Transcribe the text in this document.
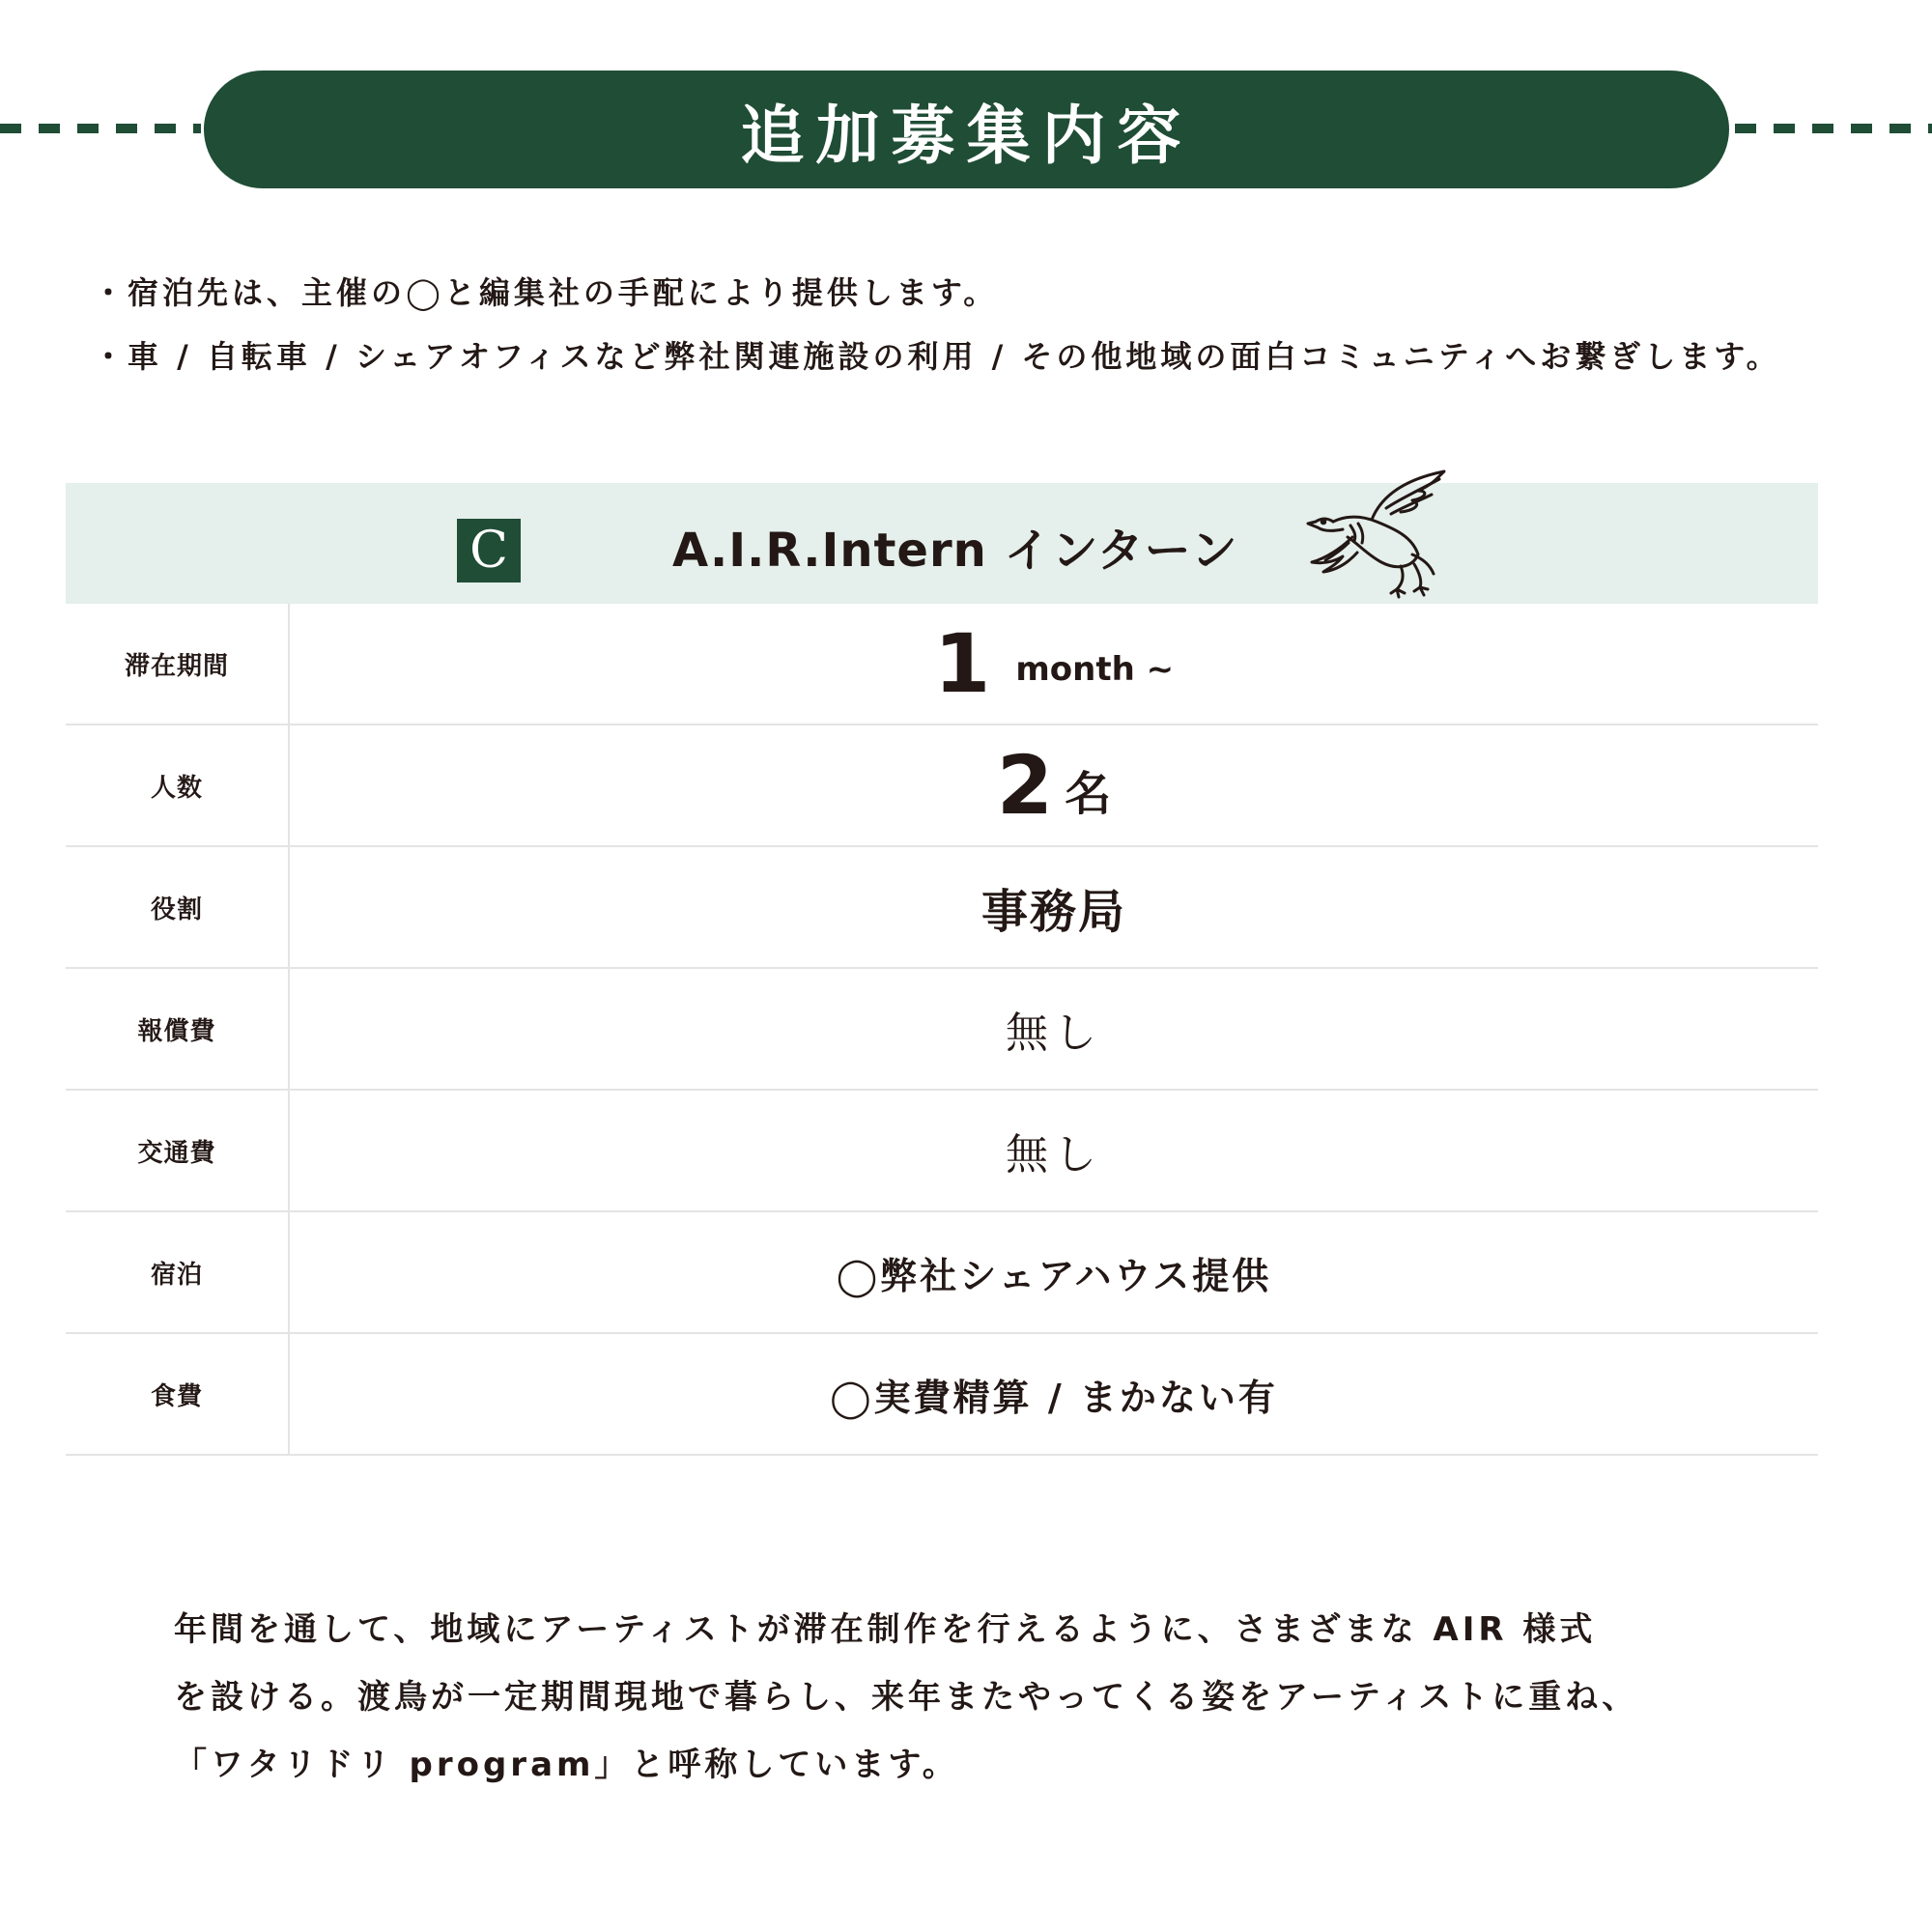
追加募集内容
・宿泊先は、主催の◯と編集社の手配により提供します。
・車 / 自転車 / シェアオフィスなど弊社関連施設の利用 / その他地域の面白コミュニティへお繋ぎします。
C	A.I.R.Intern インターン
滞在期間	1 month ~
人数	2 名
役割	事務局
報償費	無し
交通費	無し
宿泊	◯弊社シェアハウス提供
食費	◯実費精算 / まかない有

年間を通して、地域にアーティストが滞在制作を行えるように、さまざまな AIR 様式

を設ける。渡鳥が一定期間現地で暮らし、来年またやってくる姿をアーティストに重ね、

「ワタリドリ program」と呼称しています。
